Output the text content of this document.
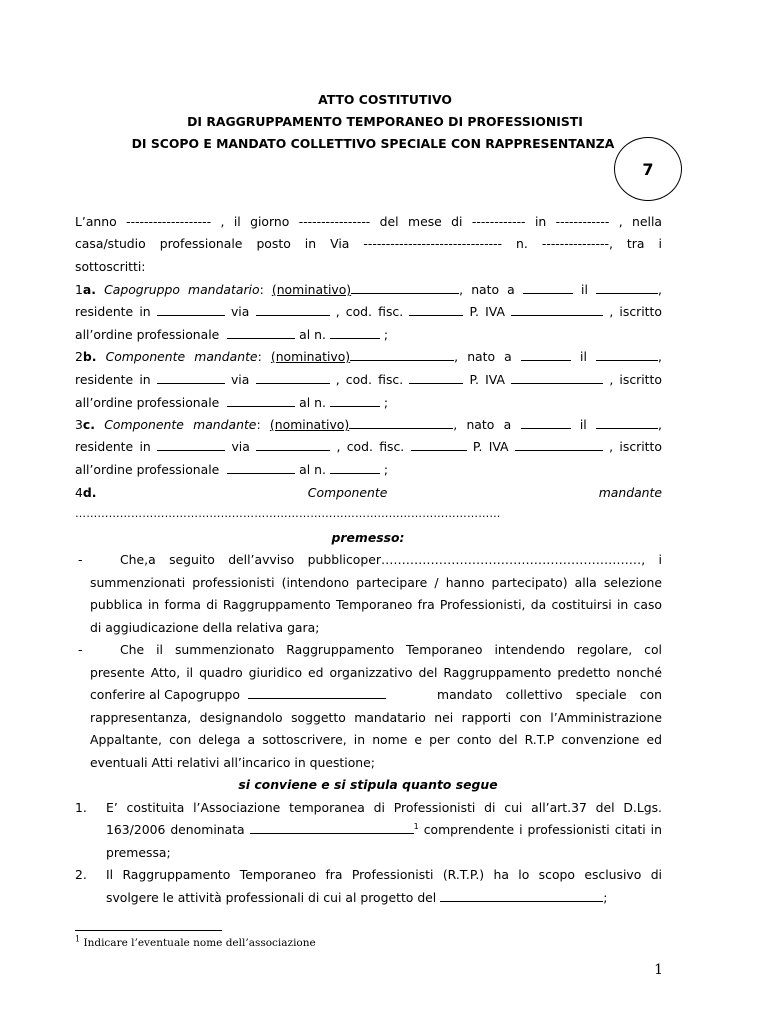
ATTO COSTITUTIVO
DI RAGGRUPPAMENTO TEMPORANEO DI PROFESSIONISTI
DI SCOPO E MANDATO COLLETTIVO SPECIALE CON RAPPRESENTANZA
7
L’anno ------------------- , il giorno ---------------- del mese di ------------ in ------------ , nella
casa/studio professionale posto in Via ------------------------------- n. ---------------, tra i
sottoscritti:
1a. Capogruppo mandatario: (nominativo)	, nato a	il	,
residente in	via	, cod. fisc.	P. IVA	, iscritto
all’ordine professionale	al n.	;
2b. Componente mandante: (nominativo)	, nato a	il	,
residente in	via	, cod. fisc.	P. IVA	, iscritto
all’ordine professionale	al n.	;
3c. Componente mandante: (nominativo)	, nato a	il	,
residente in	via	, cod. fisc.	P. IVA	, iscritto
all’ordine professionale	al n.	;
4d.	Componente	mandante
……………………………………………………………………………………………………
premesso:
-	Che,a seguito dell’avviso pubblicoper………………………………………………………, i
summenzionati professionisti (intendono partecipare / hanno partecipato) alla selezione
pubblica in forma di Raggruppamento Temporaneo fra Professionisti, da costituirsi in caso
di aggiudicazione della relativa gara;
-	Che il summenzionato Raggruppamento Temporaneo intendendo regolare, col
presente Atto, il quadro giuridico ed organizzativo del Raggruppamento predetto nonché
conferire al Capogruppo	mandato collettivo speciale con
rappresentanza, designandolo soggetto mandatario nei rapporti con l’Amministrazione
Appaltante, con delega a sottoscrivere, in nome e per conto del R.T.P convenzione ed
eventuali Atti relativi all’incarico in questione;
si conviene e si stipula quanto segue
1. E’ costituita l’Associazione temporanea di Professionisti di cui all’art.37 del D.Lgs.
163/2006 denominata	$^1$ comprendente i professionisti citati in
premessa;
2. Il Raggruppamento Temporaneo fra Professionisti (R.T.P.) ha lo scopo esclusivo di
svolgere le attività professionali di cui al progetto del	;
$^1$ Indicare l’eventuale nome dell’associazione
1
